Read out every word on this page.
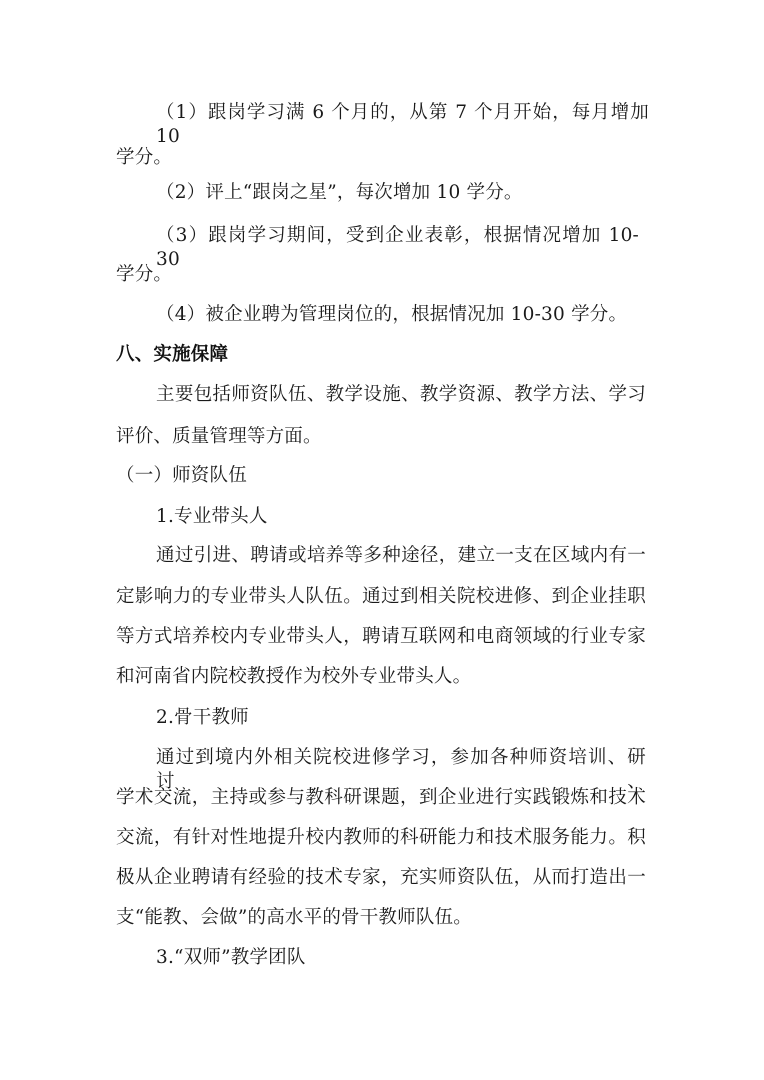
（1）跟岗学习满 6 个月的，从第 7 个月开始，每月增加 10
学分。
（2）评上“跟岗之星”，每次增加 10 学分。
（3）跟岗学习期间，受到企业表彰，根据情况增加 10-30
学分。
（4）被企业聘为管理岗位的，根据情况加 10-30 学分。
八、实施保障
主要包括师资队伍、教学设施、教学资源、教学方法、学习
评价、质量管理等方面。
（一）师资队伍
1.专业带头人
通过引进、聘请或培养等多种途径，建立一支在区域内有一
定影响力的专业带头人队伍。通过到相关院校进修、到企业挂职
等方式培养校内专业带头人，聘请互联网和电商领域的行业专家
和河南省内院校教授作为校外专业带头人。
2.骨干教师
通过到境内外相关院校进修学习，参加各种师资培训、研讨、
学术交流，主持或参与教科研课题，到企业进行实践锻炼和技术
交流，有针对性地提升校内教师的科研能力和技术服务能力。积
极从企业聘请有经验的技术专家，充实师资队伍，从而打造出一
支“能教、会做”的高水平的骨干教师队伍。
3.“双师”教学团队
